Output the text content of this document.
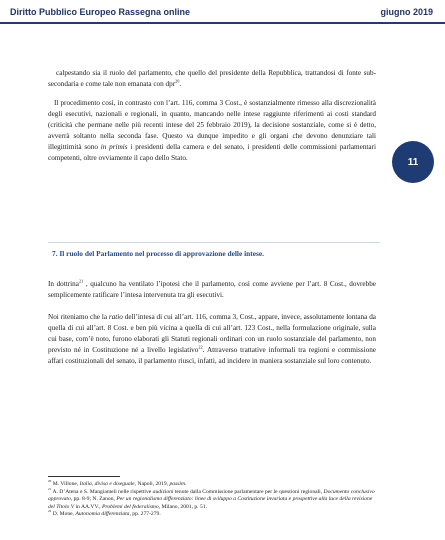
Diritto Pubblico Europeo Rassegna online	giugno 2019
11
calpestando sia il ruolo del parlamento, che quello del presidente della Repubblica, trattandosi di fonte sub-secondaria e come tale non emanata con dpr$^{20}$.
Il procedimento così, in contrasto con l’art. 116, comma 3 Cost., è sostanzialmente rimesso alla discrezionalità degli esecutivi, nazionali e regionali, in quanto, mancando nelle intese raggiunte riferimenti ai costi standard (criticità che permane nelle più recenti intese del 25 febbraio 2019), la decisione sostanziale, come si è detto, avverrà soltanto nella seconda fase. Questo va dunque impedito e gli organi che devono denunziare tali illegittimità sono in primis i presidenti della camera e del senato, i presidenti delle commissioni parlamentari competenti, oltre ovviamente il capo dello Stato.
7. Il ruolo del Parlamento nel processo di approvazione delle intese.
In dottrina$^{21}$ , qualcuno ha ventilato l’ipotesi che il parlamento, così come avviene per l’art. 8 Cost., dovrebbe semplicemente ratificare l’intesa intervenuta tra gli esecutivi.
Noi riteniamo che la ratio dell’intesa di cui all’art. 116, comma 3, Cost., appare, invece, assolutamente lontana da quella di cui all’art. 8 Cost. e ben più vicina a quella di cui all’art. 123 Cost., nella formulazione originale, sulla cui base, com’è noto, furono elaborati gli Statuti regionali ordinari con un ruolo sostanziale del parlamento, non previsto né in Costituzione né a livello legislativo$^{22}$. Attraverso trattative informali tra regioni e commissione affari costituzionali del senato, il parlamento riuscì, infatti, ad incidere in maniera sostanziale sul loro contenuto.
$^{20}$ M. Villone, Italia, divisa e diseguale, Napoli, 2019, passim.
$^{21}$ A. D’Atena e S. Mangiameli nelle rispettive audizioni tenute dalla Commissione parlamentare per le questioni regionali, Documento conclusivo approvato, pp. 8-9; N. Zanon, Per un regionalismo differenziato: linee di sviluppo a Costituzione invariata e prospettive alla luce della revisione del Titolo V in AA.VV., Problemi del federalismo, Milano, 2001, p. 51.
$^{22}$ D. Mone, Autonomia differenziata, pp. 277-279.
